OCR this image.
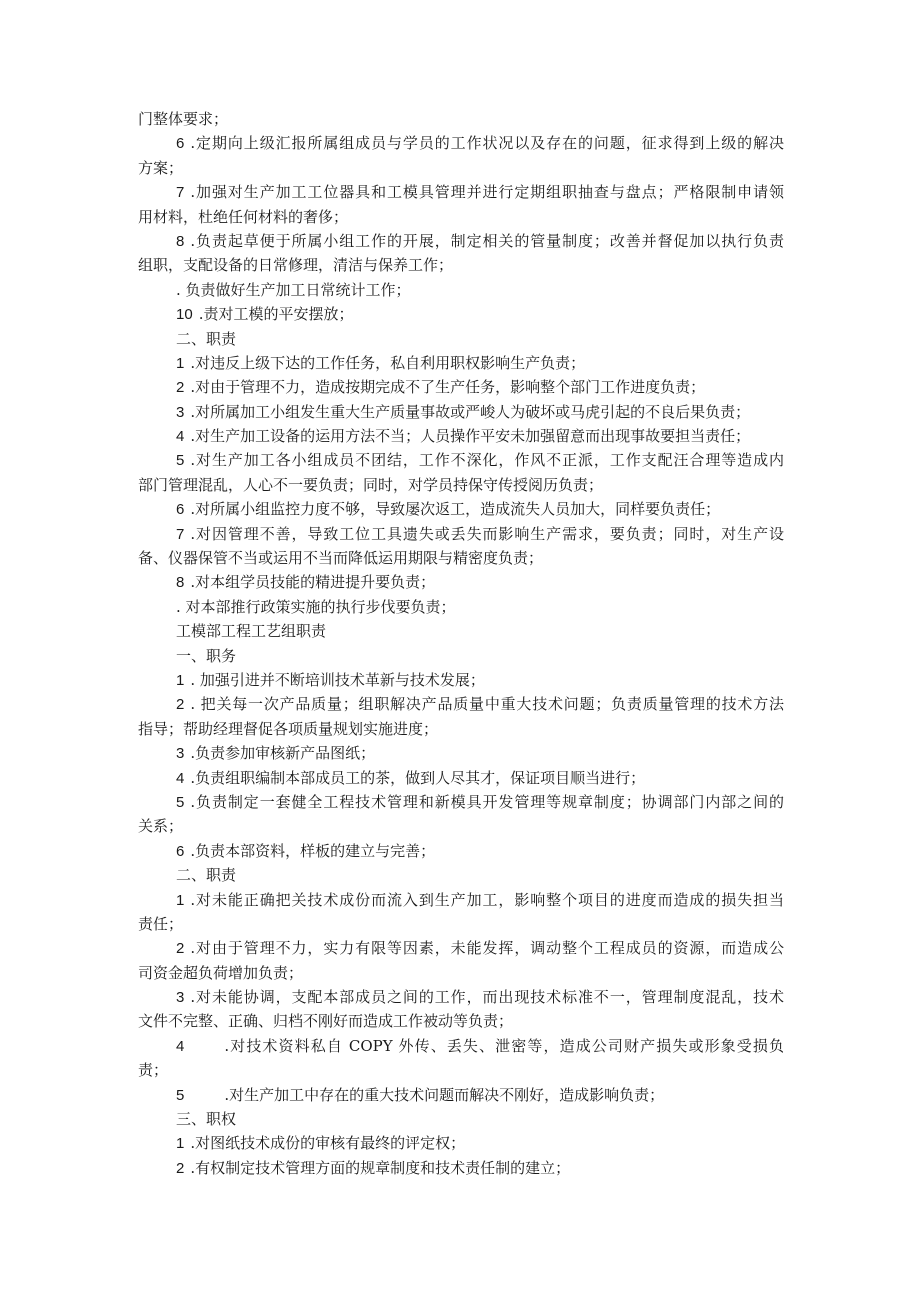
门整体要求；

6 .定期向上级汇报所属组成员与学员的工作状况以及存在的问题，征求得到上级的解决

方案；

7 .加强对生产加工工位器具和工模具管理并进行定期组职抽查与盘点；严格限制申请领

用材料，杜绝任何材料的奢侈；

8 .负责起草便于所属小组工作的开展，制定相关的管量制度；改善并督促加以执行负责

组职，支配设备的日常修理，清洁与保养工作；

. 负责做好生产加工日常统计工作；

10 .责对工模的平安摆放；

二、职责

1 .对违反上级下达的工作任务，私自利用职权影响生产负责；

2 .对由于管理不力，造成按期完成不了生产任务，影响整个部门工作进度负责；

3 .对所属加工小组发生重大生产质量事故或严峻人为破坏或马虎引起的不良后果负责；

4 .对生产加工设备的运用方法不当；人员操作平安未加强留意而出现事故要担当责任；

5 .对生产加工各小组成员不团结，工作不深化，作风不正派，工作支配汪合理等造成内

部门管理混乱，人心不一要负责；同时，对学员持保守传授阅历负责；

6 .对所属小组监控力度不够，导致屡次返工，造成流失人员加大，同样要负责任；

7 .对因管理不善，导致工位工具遗失或丢失而影响生产需求，要负责；同时，对生产设

备、仪器保管不当或运用不当而降低运用期限与精密度负责；

8 .对本组学员技能的精进提升要负责；

. 对本部推行政策实施的执行步伐要负责；

工模部工程工艺组职责

一、职务

1 . 加强引进并不断培训技术革新与技术发展；

2 . 把关每一次产品质量；组职解决产品质量中重大技术问题；负责质量管理的技术方法

指导；帮助经理督促各项质量规划实施进度；

3 .负责参加审核新产品图纸；

4 .负责组职编制本部成员工的茶，做到人尽其才，保证项目顺当进行；

5 .负责制定一套健全工程技术管理和新模具开发管理等规章制度；协调部门内部之间的

关系；

6 .负责本部资料，样板的建立与完善；

二、职责

1 .对未能正确把关技术成份而流入到生产加工，影响整个项目的进度而造成的损失担当

责任；

2 .对由于管理不力，实力有限等因素，未能发挥，调动整个工程成员的资源，而造成公

司资金超负荷增加负责；

3 .对未能协调，支配本部成员之间的工作，而出现技术标准不一，管理制度混乱，技术

文件不完整、正确、归档不刚好而造成工作被动等负责；

4	.对技术资料私自 COPY 外传、丢失、泄密等，造成公司财产损失或形象受损负

责；

5	.对生产加工中存在的重大技术问题而解决不刚好，造成影响负责；

三、职权

1 .对图纸技术成份的审核有最终的评定权；

2 .有权制定技术管理方面的规章制度和技术责任制的建立；
